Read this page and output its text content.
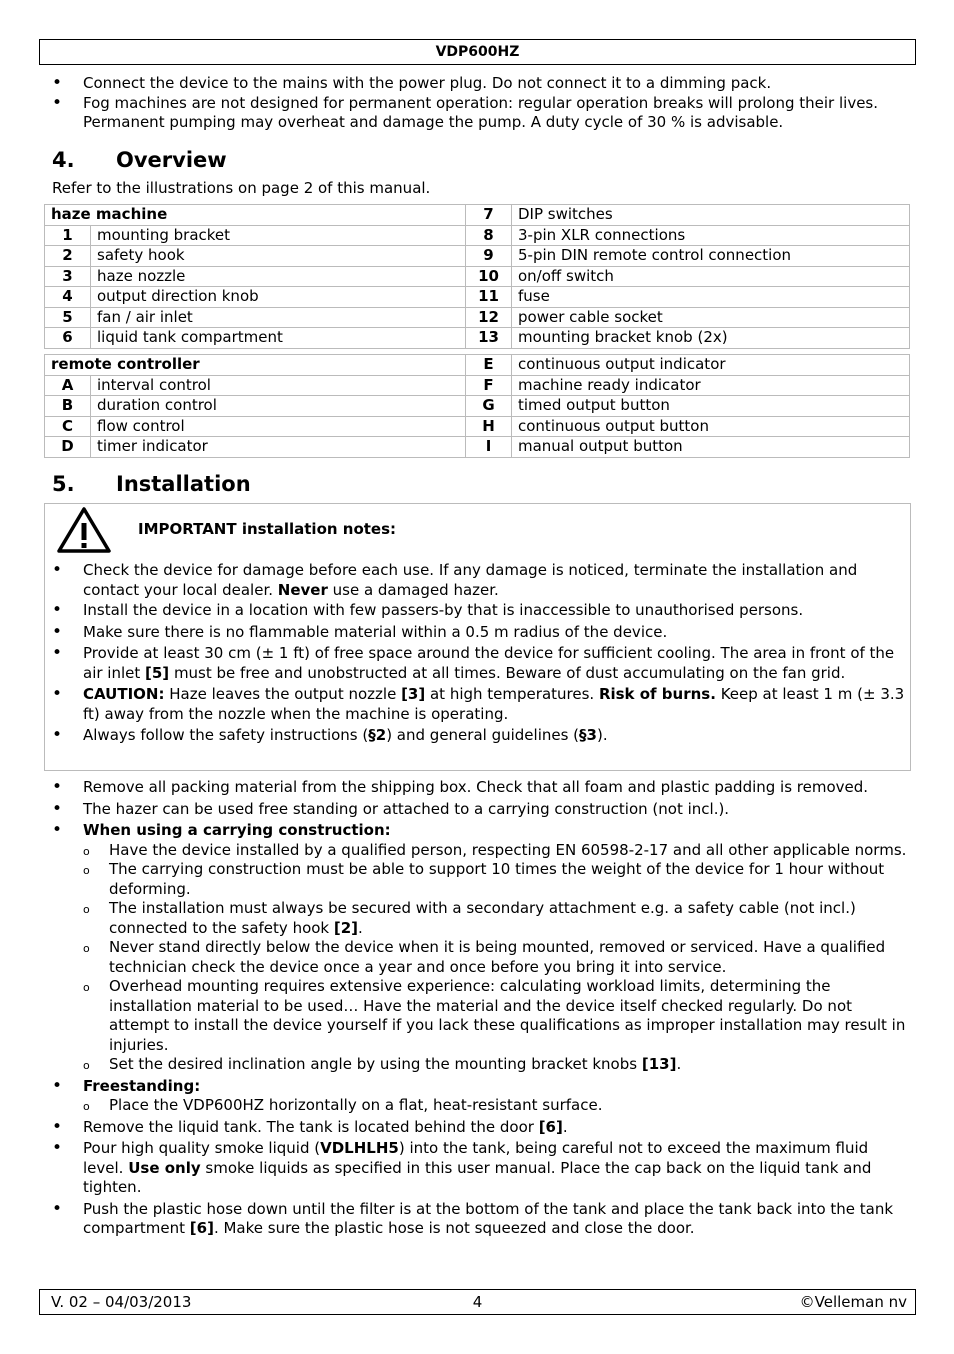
VDP600HZ
• Connect the device to the mains with the power plug. Do not connect it to a dimming pack.
• Fog machines are not designed for permanent operation: regular operation breaks will prolong their lives. Permanent pumping may overheat and damage the pump. A duty cycle of 30 % is advisable.
4. Overview
Refer to the illustrations on page 2 of this manual.
haze machine		7	DIP switches
1	mounting bracket	8	3-pin XLR connections
2	safety hook	9	5-pin DIN remote control connection
3	haze nozzle	10	on/off switch
4	output direction knob	11	fuse
5	fan / air inlet	12	power cable socket
6	liquid tank compartment	13	mounting bracket knob (2x)
remote controller		E	continuous output indicator
A	interval control	F	machine ready indicator
B	duration control	G	timed output button
C	flow control	H	continuous output button
D	timer indicator	I	manual output button
5. Installation
IMPORTANT installation notes:
• Check the device for damage before each use. If any damage is noticed, terminate the installation and contact your local dealer. Never use a damaged hazer.
• Install the device in a location with few passers-by that is inaccessible to unauthorised persons.
• Make sure there is no flammable material within a 0.5 m radius of the device.
• Provide at least 30 cm (± 1 ft) of free space around the device for sufficient cooling. The area in front of the air inlet [5] must be free and unobstructed at all times. Beware of dust accumulating on the fan grid.
• CAUTION: Haze leaves the output nozzle [3] at high temperatures. Risk of burns. Keep at least 1 m (± 3.3 ft) away from the nozzle when the machine is operating.
• Always follow the safety instructions (§2) and general guidelines (§3).
• Remove all packing material from the shipping box. Check that all foam and plastic padding is removed.
• The hazer can be used free standing or attached to a carrying construction (not incl.).
• When using a carrying construction:
o Have the device installed by a qualified person, respecting EN 60598-2-17 and all other applicable norms.
o The carrying construction must be able to support 10 times the weight of the device for 1 hour without deforming.
o The installation must always be secured with a secondary attachment e.g. a safety cable (not incl.) connected to the safety hook [2].
o Never stand directly below the device when it is being mounted, removed or serviced. Have a qualified technician check the device once a year and once before you bring it into service.
o Overhead mounting requires extensive experience: calculating workload limits, determining the installation material to be used… Have the material and the device itself checked regularly. Do not attempt to install the device yourself if you lack these qualifications as improper installation may result in injuries.
o Set the desired inclination angle by using the mounting bracket knobs [13].
• Freestanding:
o Place the VDP600HZ horizontally on a flat, heat-resistant surface.
• Remove the liquid tank. The tank is located behind the door [6].
• Pour high quality smoke liquid (VDLHLH5) into the tank, being careful not to exceed the maximum fluid level. Use only smoke liquids as specified in this user manual. Place the cap back on the liquid tank and tighten.
• Push the plastic hose down until the filter is at the bottom of the tank and place the tank back into the tank compartment [6]. Make sure the plastic hose is not squeezed and close the door.
4
V. 02 – 04/03/2013	©Velleman nv
